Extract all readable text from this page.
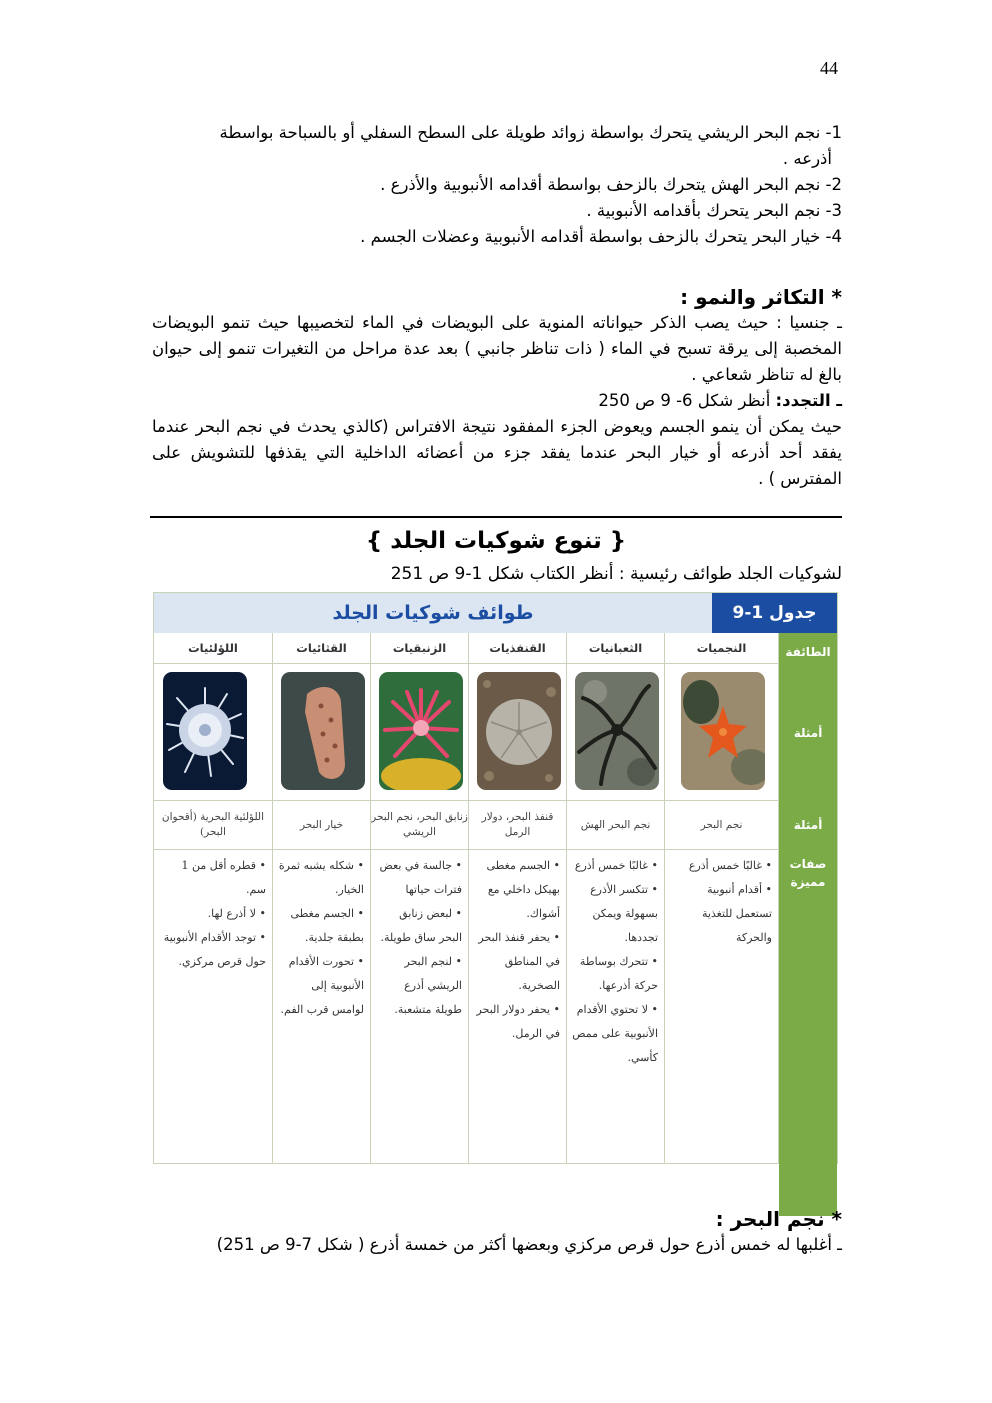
44

1- نجم البحر الريشي يتحرك بواسطة زوائد طويلة على السطح السفلي أو بالسباحة بواسطة

أذرعه .

2- نجم البحر الهش يتحرك بالزحف بواسطة أقدامه الأنبوبية والأذرع .

3- نجم البحر يتحرك بأقدامه الأنبوبية .

4- خيار البحر يتحرك بالزحف بواسطة أقدامه الأنبوبية وعضلات الجسم .

* التكاثر والنمو :

ـ جنسيا : حيث يصب الذكر حيواناته المنوية على البويضات في الماء لتخصيبها حيث تنمو البويضات المخصبة إلى يرقة تسبح في الماء ( ذات تناظر جانبي ) بعد عدة مراحل من التغيرات تنمو إلى حيوان بالغ له تناظر شعاعي .

ـ التجدد: أنظر شكل 6- 9 ص 250

حيث يمكن أن ينمو الجسم ويعوض الجزء المفقود نتيجة الافتراس (كالذي يحدث في نجم البحر عندما يفقد أحد أذرعه أو خيار البحر عندما يفقد جزء من أعضائه الداخلية التي يقذفها للتشويش على المفترس ) .

{ تنوع شوكيات الجلد }
لشوكيات الجلد طوائف رئيسية : أنظر الكتاب شكل 1-9 ص 251
طوائف شوكيات الجلد	جدول 1-9
الطائفة
أمثلة
أمثلة
صفات مميزة
النجميات
نجم البحر
• غالبًا خمس أذرع
• أقدام أنبوبية تستعمل للتغذية والحركة
الثعبانيات
نجم البحر الهش
• غالبًا خمس أذرع
• تتكسر الأذرع بسهولة ويمكن تجددها.
• تتحرك بوساطة حركة أذرعها.
• لا تحتوي الأقدام الأنبوبية على ممص كأسي.
القنفذيات
قنفذ البحر، دولار الرمل
• الجسم مغطى بهيكل داخلي مع أشواك.
• يحفر قنفذ البحر في المناطق الصخرية.
• يحفر دولار البحر في الرمل.
الزنبقيات
زنابق البحر، نجم البحر الريشي
• جالسة في بعض فترات حياتها
• لبعض زنابق البحر ساق طويلة.
• لنجم البحر الريشي أذرع طويلة متشعبة.
القثائيات
خيار البحر
• شكله يشبه ثمرة الخيار.
• الجسم مغطى بطبقة جلدية.
• تحورت الأقدام الأنبوبية إلى لوامس قرب الفم.
اللؤلئيات
اللؤلئية البحرية (أقحوان البحر)
• قطره أقل من 1 سم.
• لا أذرع لها.
• توجد الأقدام الأنبوبية حول قرص مركزي.

* نجم البحر :

ـ أغلبها له خمس أذرع حول قرص مركزي وبعضها أكثر من خمسة أذرع ( شكل 7-9 ص 251)
